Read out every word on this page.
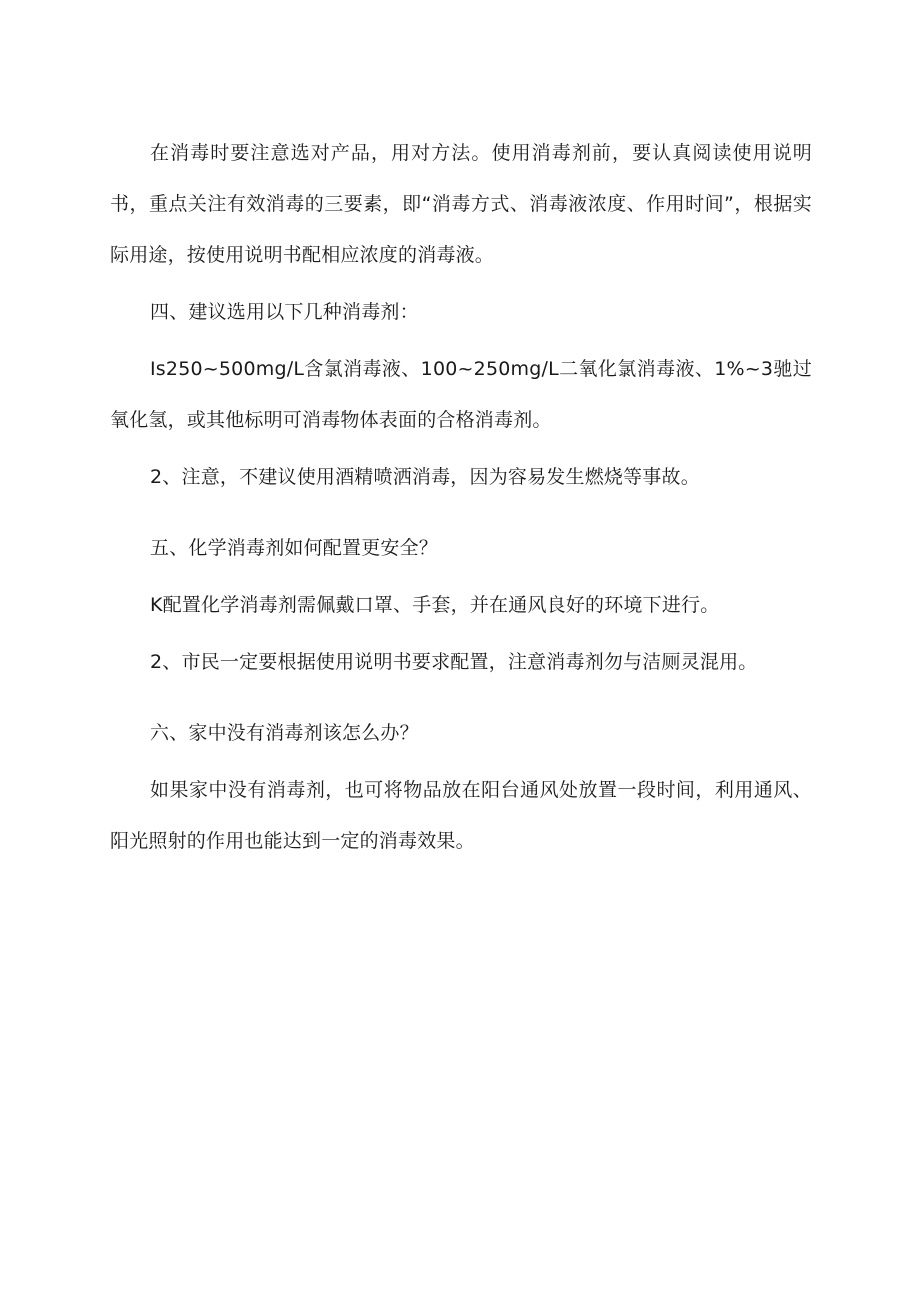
在消毒时要注意选对产品，用对方法。使用消毒剂前，要认真阅读使用说明书，重点关注有效消毒的三要素，即“消毒方式、消毒液浓度、作用时间”，根据实际用途，按使用说明书配相应浓度的消毒液。

四、建议选用以下几种消毒剂：

Is250~500mg∕L含氯消毒液、100~250mg∕L二氧化氯消毒液、1%~3驰过氧化氢，或其他标明可消毒物体表面的合格消毒剂。

2、注意，不建议使用酒精喷洒消毒，因为容易发生燃烧等事故。

五、化学消毒剂如何配置更安全？

K配置化学消毒剂需佩戴口罩、手套，并在通风良好的环境下进行。

2、市民一定要根据使用说明书要求配置，注意消毒剂勿与洁厕灵混用。

六、家中没有消毒剂该怎么办？

如果家中没有消毒剂，也可将物品放在阳台通风处放置一段时间，利用通风、阳光照射的作用也能达到一定的消毒效果。
